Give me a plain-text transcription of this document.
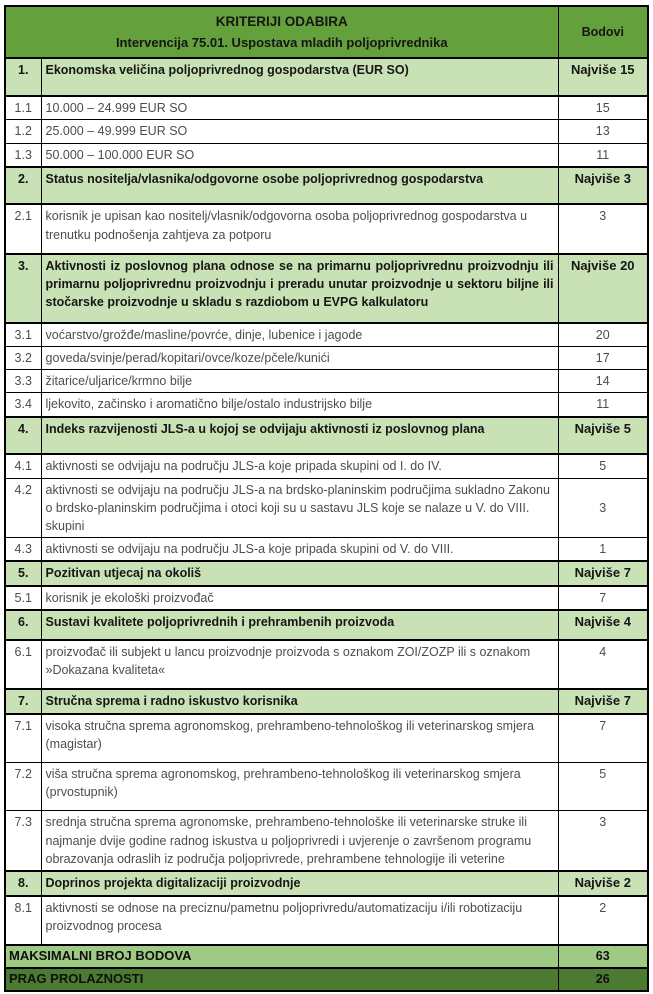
KRITERIJI ODABIRA
Intervencija 75.01. Uspostava mladih poljoprivrednika		Bodovi
1.	Ekonomska veličina poljoprivrednog gospodarstva (EUR SO)	Najviše 15
1.1	10.000 – 24.999 EUR SO	15
1.2	25.000 – 49.999 EUR SO	13
1.3	50.000 – 100.000 EUR SO	11
2.	Status nositelja/vlasnika/odgovorne osobe poljoprivrednog gospodarstva	Najviše 3
2.1	korisnik je upisan kao nositelj/vlasnik/odgovorna osoba poljoprivrednog gospodarstva u trenutku podnošenja zahtjeva za potporu	3
3.	Aktivnosti iz poslovnog plana odnose se na primarnu poljoprivrednu proizvodnju ili primarnu poljoprivrednu proizvodnju i preradu unutar proizvodnje u sektoru biljne ili stočarske proizvodnje u skladu s razdiobom u EVPG kalkulatoru	Najviše 20
3.1	voćarstvo/grožđe/masline/povrće, dinje, lubenice i jagode	20
3.2	goveda/svinje/perad/kopitari/ovce/koze/pčele/kunići	17
3.3	žitarice/uljarice/krmno bilje	14
3.4	ljekovito, začinsko i aromatično bilje/ostalo industrijsko bilje	11
4.	Indeks razvijenosti JLS-a u kojoj se odvijaju aktivnosti iz poslovnog plana	Najviše 5
4.1	aktivnosti se odvijaju na području JLS-a koje pripada skupini od I. do IV.	5
4.2	aktivnosti se odvijaju na području JLS-a na brdsko-planinskim područjima sukladno Zakonu o brdsko-planinskim područjima i otoci koji su u sastavu JLS koje se nalaze u V. do VIII. skupini	3
4.3	aktivnosti se odvijaju na području JLS-a koje pripada skupini od V. do VIII.	1
5.	Pozitivan utjecaj na okoliš	Najviše 7
5.1	korisnik je ekološki proizvođač	7
6.	Sustavi kvalitete poljoprivrednih i prehrambenih proizvoda	Najviše 4
6.1	proizvođač ili subjekt u lancu proizvodnje proizvoda s oznakom ZOI/ZOZP ili s oznakom »Dokazana kvaliteta«	4
7.	Stručna sprema i radno iskustvo korisnika	Najviše 7
7.1	visoka stručna sprema agronomskog, prehrambeno-tehnološkog ili veterinarskog smjera (magistar)	7
7.2	viša stručna sprema agronomskog, prehrambeno-tehnološkog ili veterinarskog smjera (prvostupnik)	5
7.3	srednja stručna sprema agronomske, prehrambeno-tehnološke ili veterinarske struke ili najmanje dvije godine radnog iskustva u poljoprivredi i uvjerenje o završenom programu obrazovanja odraslih iz područja poljoprivrede, prehrambene tehnologije ili veterine	3
8.	Doprinos projekta digitalizaciji proizvodnje	Najviše 2
8.1	aktivnosti se odnose na preciznu/pametnu poljoprivredu/automatizaciju i/ili robotizaciju proizvodnog procesa	2
MAKSIMALNI BROJ BODOVA		63
PRAG PROLAZNOSTI		26
